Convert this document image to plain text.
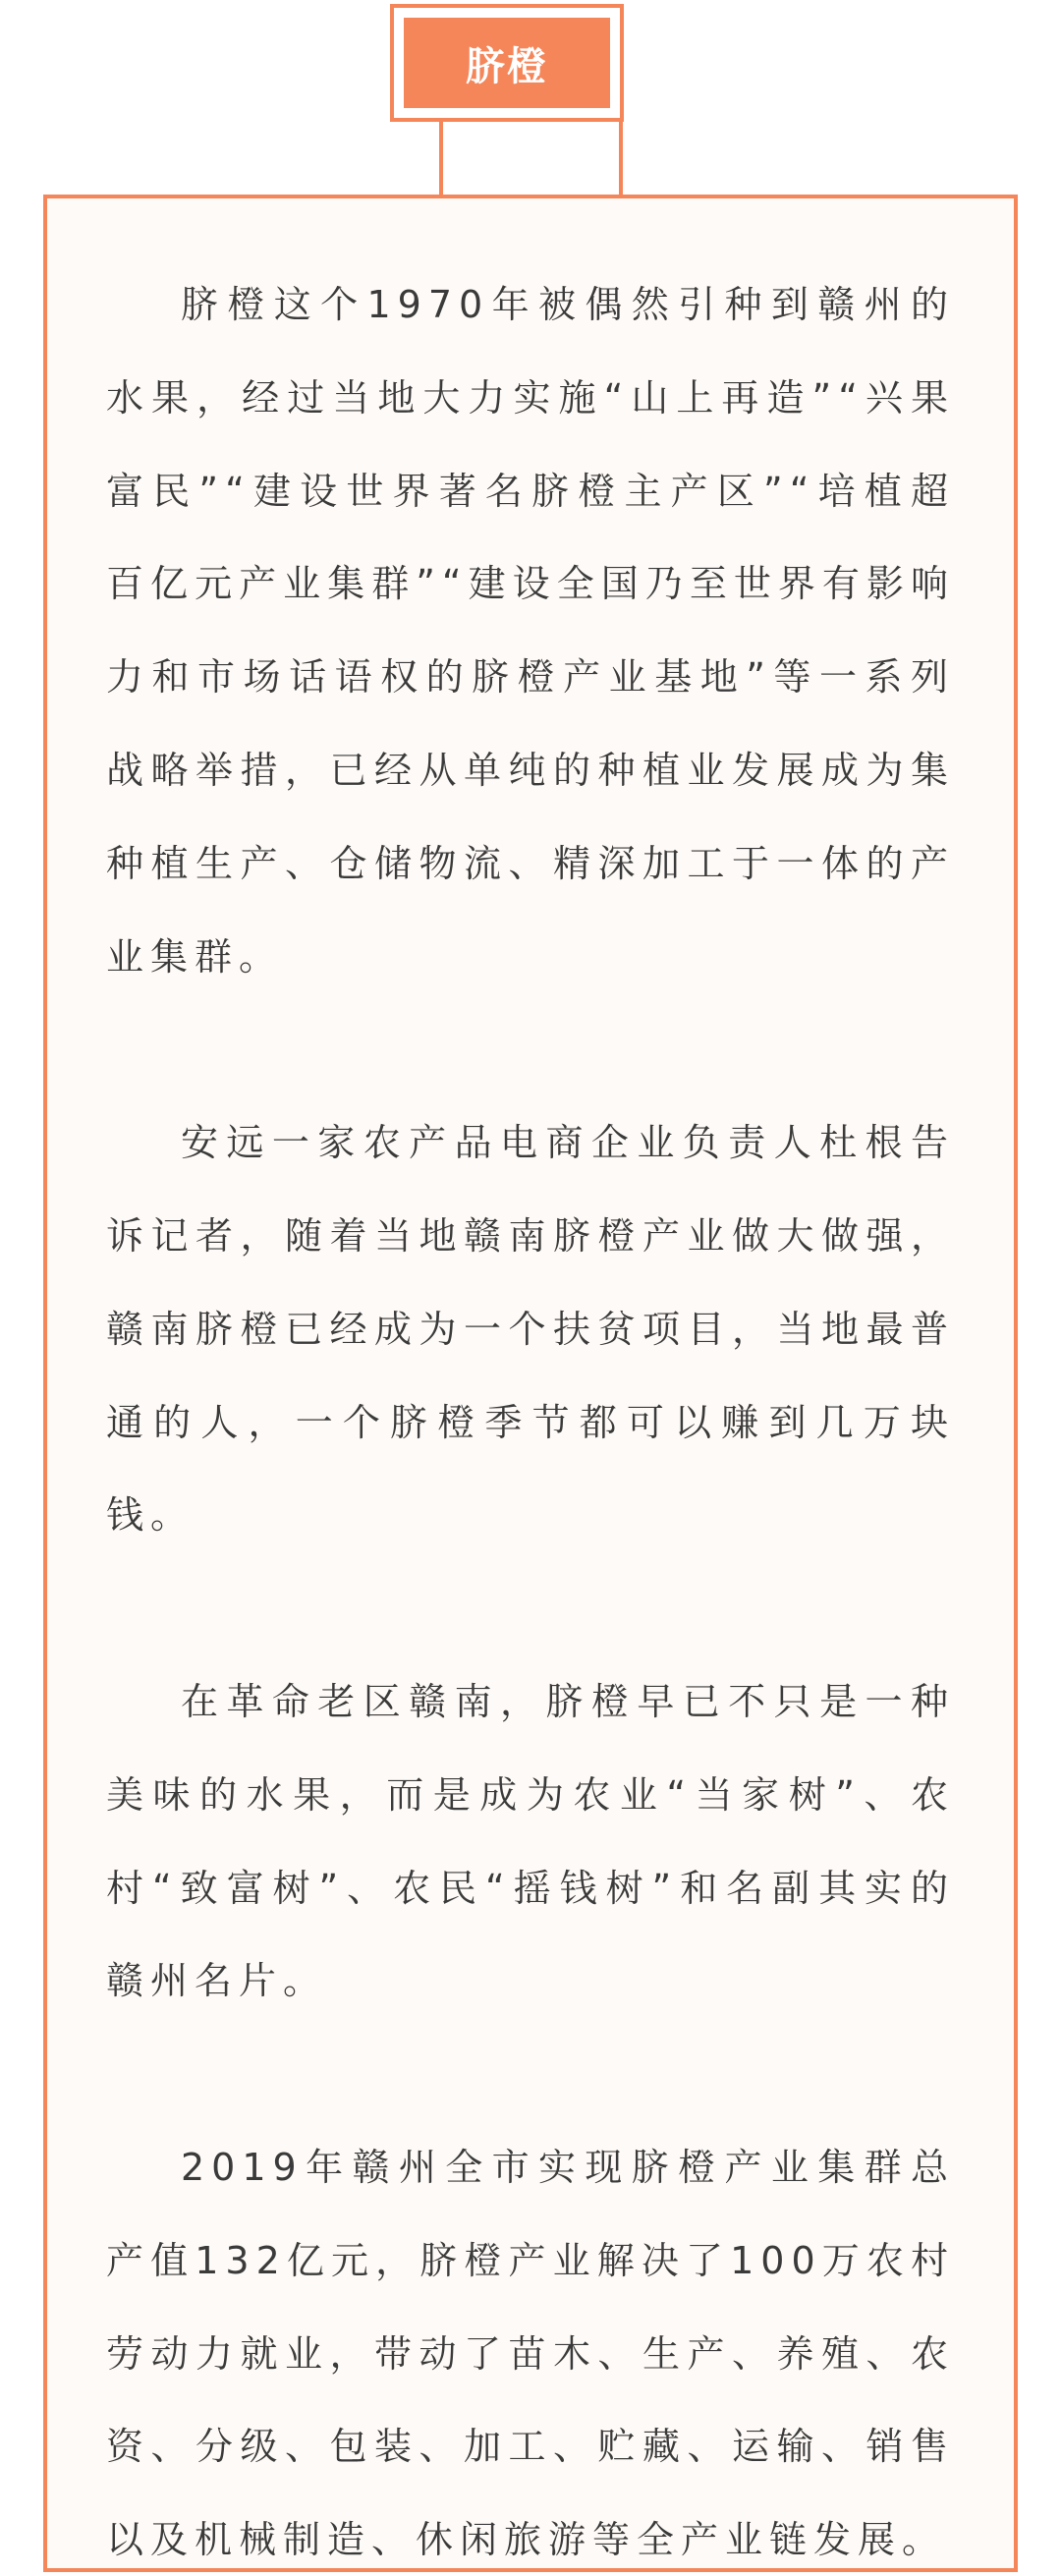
脐橙

脐橙这个1970年被偶然引种到赣州的水果，经过当地大力实施“山上再造”“兴果富民”“建设世界著名脐橙主产区”“培植超百亿元产业集群”“建设全国乃至世界有影响力和市场话语权的脐橙产业基地”等一系列战略举措，已经从单纯的种植业发展成为集种植生产、仓储物流、精深加工于一体的产业集群。

安远一家农产品电商企业负责人杜根告诉记者，随着当地赣南脐橙产业做大做强，赣南脐橙已经成为一个扶贫项目，当地最普通的人，一个脐橙季节都可以赚到几万块钱。

在革命老区赣南，脐橙早已不只是一种美味的水果，而是成为农业“当家树”、农村“致富树”、农民“摇钱树”和名副其实的赣州名片。

2019年赣州全市实现脐橙产业集群总产值132亿元，脐橙产业解决了100万农村劳动力就业，带动了苗木、生产、养殖、农资、分级、包装、加工、贮藏、运输、销售以及机械制造、休闲旅游等全产业链发展。
